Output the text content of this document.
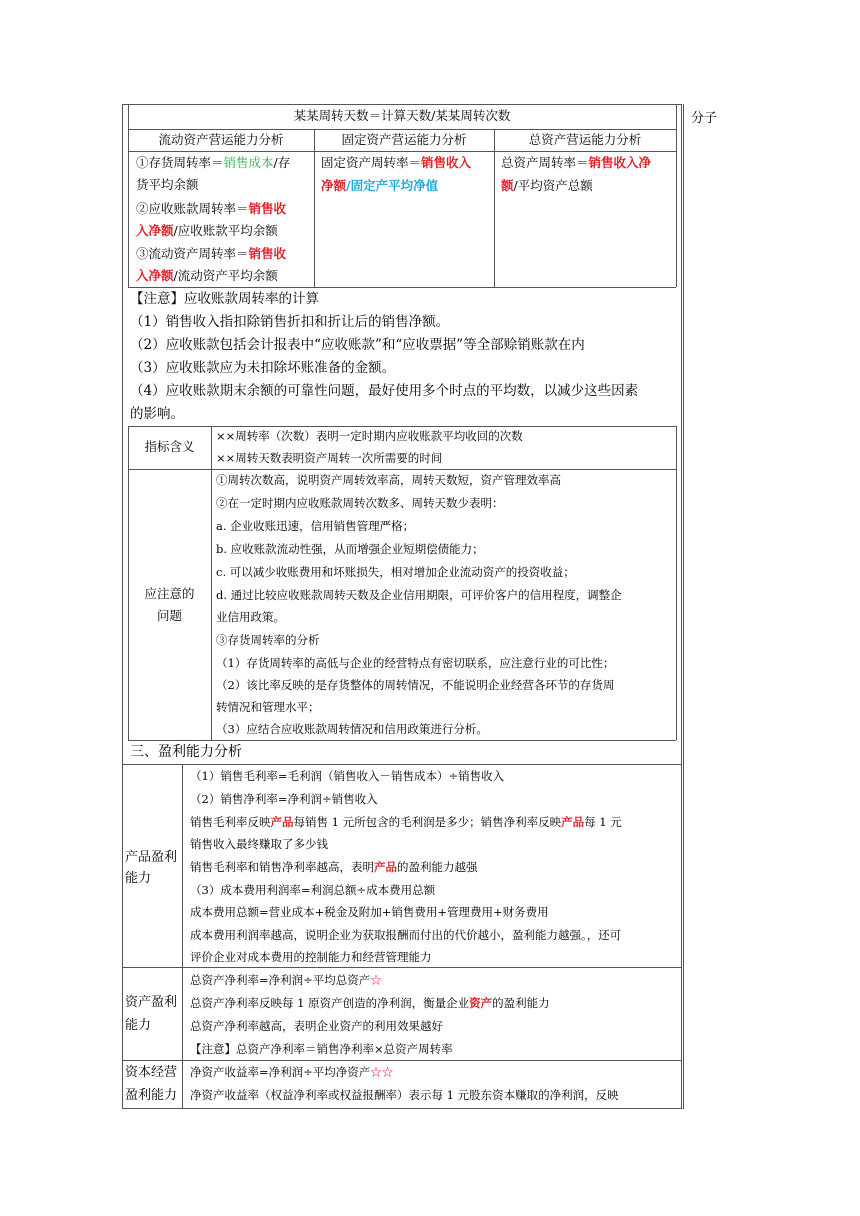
分子
某某周转天数＝计算天数/某某周转次数
流动资产营运能力分析	固定资产营运能力分析	总资产营运能力分析
①存货周转率＝销售成本/存
货平均余额
②应收账款周转率＝销售收
入净额/应收账款平均余额
③流动资产周转率＝销售收
入净额/流动资产平均余额
固定资产周转率＝销售收入
净额/固定产平均净值
总资产周转率＝销售收入净
额/平均资产总额
【注意】应收账款周转率的计算
（1）销售收入指扣除销售折扣和折让后的销售净额。
（2）应收账款包括会计报表中“应收账款”和“应收票据”等全部赊销账款在内
（3）应收账款应为未扣除坏账准备的金额。
（4）应收账款期末余额的可靠性问题，最好使用多个时点的平均数，以减少这些因素
的影响。
指标含义
××周转率（次数）表明一定时期内应收账款平均收回的次数
××周转天数表明资产周转一次所需要的时间
应注意的
问题
①周转次数高，说明资产周转效率高，周转天数短，资产管理效率高
②在一定时期内应收账款周转次数多、周转天数少表明：
a. 企业收账迅速，信用销售管理严格；
b. 应收账款流动性强，从而增强企业短期偿债能力；
c. 可以减少收账费用和坏账损失，相对增加企业流动资产的投资收益；
d. 通过比较应收账款周转天数及企业信用期限，可评价客户的信用程度，调整企
业信用政策。
③存货周转率的分析
（1）存货周转率的高低与企业的经营特点有密切联系，应注意行业的可比性；
（2）该比率反映的是存货整体的周转情况，不能说明企业经营各环节的存货周
转情况和管理水平；
（3）应结合应收账款周转情况和信用政策进行分析。
三、盈利能力分析
产品盈利
能力
（1）销售毛利率=毛利润（销售收入－销售成本）÷销售收入
（2）销售净利率=净利润÷销售收入
销售毛利率反映产品每销售 1 元所包含的毛利润是多少；销售净利率反映产品每 1 元
销售收入最终赚取了多少钱
销售毛利率和销售净利率越高，表明产品的盈利能力越强
（3）成本费用利润率=利润总额÷成本费用总额
成本费用总额=营业成本+税金及附加+销售费用+管理费用+财务费用
成本费用利润率越高，说明企业为获取报酬而付出的代价越小，盈利能力越强。，还可
评价企业对成本费用的控制能力和经营管理能力
资产盈利
能力
总资产净利率=净利润÷平均总资产☆
总资产净利率反映每 1 原资产创造的净利润，衡量企业资产的盈利能力
总资产净利率越高，表明企业资产的利用效果越好
【注意】总资产净利率＝销售净利率×总资产周转率
资本经营
盈利能力
净资产收益率=净利润÷平均净资产☆☆
净资产收益率（权益净利率或权益报酬率）表示每 1 元股东资本赚取的净利润，反映
